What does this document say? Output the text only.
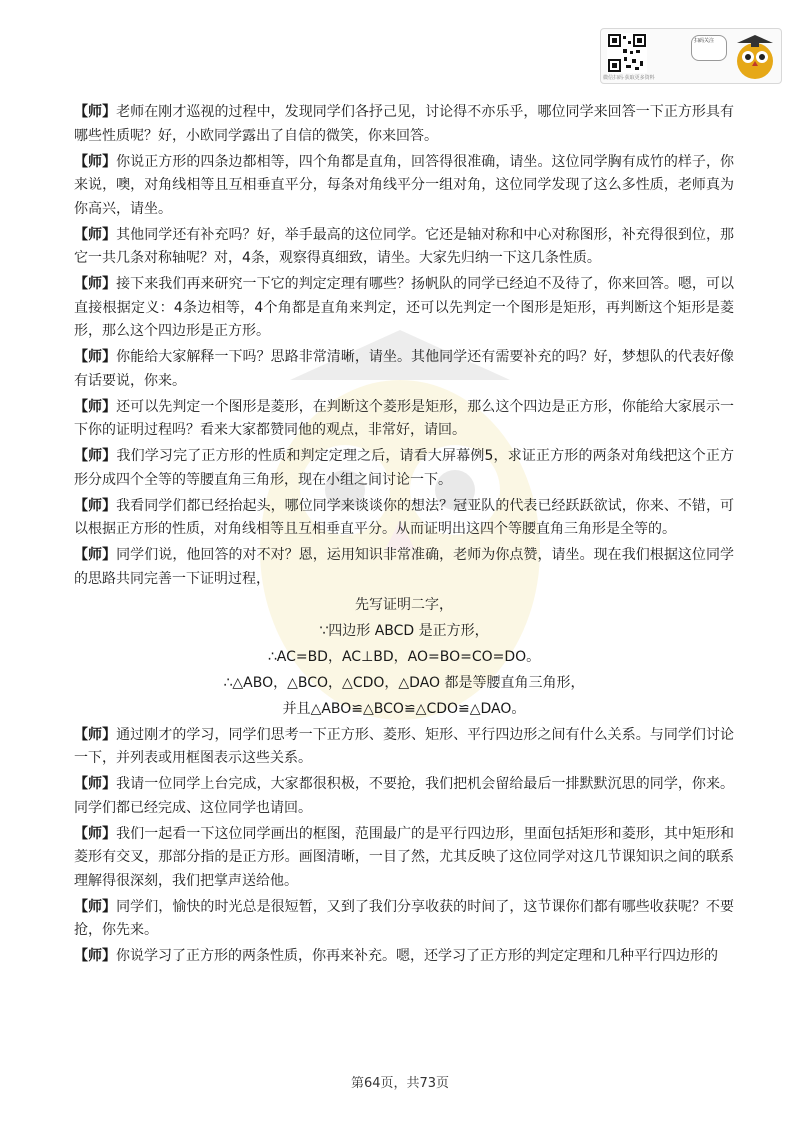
微信扫码·获取更多资料
扫码关注

【师】老师在刚才巡视的过程中，发现同学们各抒己见，讨论得不亦乐乎，哪位同学来回答一下正方形具有哪些性质呢？好，小欧同学露出了自信的微笑，你来回答。

【师】你说正方形的四条边都相等，四个角都是直角，回答得很准确，请坐。这位同学胸有成竹的样子，你来说，噢，对角线相等且互相垂直平分，每条对角线平分一组对角，这位同学发现了这么多性质，老师真为你高兴，请坐。

【师】其他同学还有补充吗？好，举手最高的这位同学。它还是轴对称和中心对称图形，补充得很到位，那它一共几条对称轴呢？对，4条，观察得真细致，请坐。大家先归纳一下这几条性质。

【师】接下来我们再来研究一下它的判定定理有哪些？扬帆队的同学已经迫不及待了，你来回答。嗯，可以直接根据定义：4条边相等，4个角都是直角来判定，还可以先判定一个图形是矩形，再判断这个矩形是菱形，那么这个四边形是正方形。

【师】你能给大家解释一下吗？思路非常清晰，请坐。其他同学还有需要补充的吗？好，梦想队的代表好像有话要说，你来。

【师】还可以先判定一个图形是菱形，在判断这个菱形是矩形，那么这个四边是正方形，你能给大家展示一下你的证明过程吗？看来大家都赞同他的观点，非常好，请回。

【师】我们学习完了正方形的性质和判定定理之后，请看大屏幕例5，求证正方形的两条对角线把这个正方形分成四个全等的等腰直角三角形，现在小组之间讨论一下。

【师】我看同学们都已经抬起头，哪位同学来谈谈你的想法？冠亚队的代表已经跃跃欲试，你来、不错，可以根据正方形的性质，对角线相等且互相垂直平分。从而证明出这四个等腰直角三角形是全等的。

【师】同学们说，他回答的对不对？恩，运用知识非常准确，老师为你点赞，请坐。现在我们根据这位同学的思路共同完善一下证明过程，

先写证明二字，
∵四边形 ABCD 是正方形，
∴AC=BD，AC⊥BD，AO=BO=CO=DO。
∴△ABO，△BCO，△CDO，△DAO 都是等腰直角三角形，
并且△ABO≌△BCO≌△CDO≌△DAO。

【师】通过刚才的学习，同学们思考一下正方形、菱形、矩形、平行四边形之间有什么关系。与同学们讨论一下，并列表或用框图表示这些关系。

【师】我请一位同学上台完成，大家都很积极，不要抢，我们把机会留给最后一排默默沉思的同学，你来。同学们都已经完成、这位同学也请回。

【师】我们一起看一下这位同学画出的框图，范围最广的是平行四边形，里面包括矩形和菱形，其中矩形和菱形有交叉，那部分指的是正方形。画图清晰，一目了然，尤其反映了这位同学对这几节课知识之间的联系理解得很深刻，我们把掌声送给他。

【师】同学们，愉快的时光总是很短暂，又到了我们分享收获的时间了，这节课你们都有哪些收获呢？不要抢，你先来。

【师】你说学习了正方形的两条性质，你再来补充。嗯，还学习了正方形的判定定理和几种平行四边形的

第64页，共73页
